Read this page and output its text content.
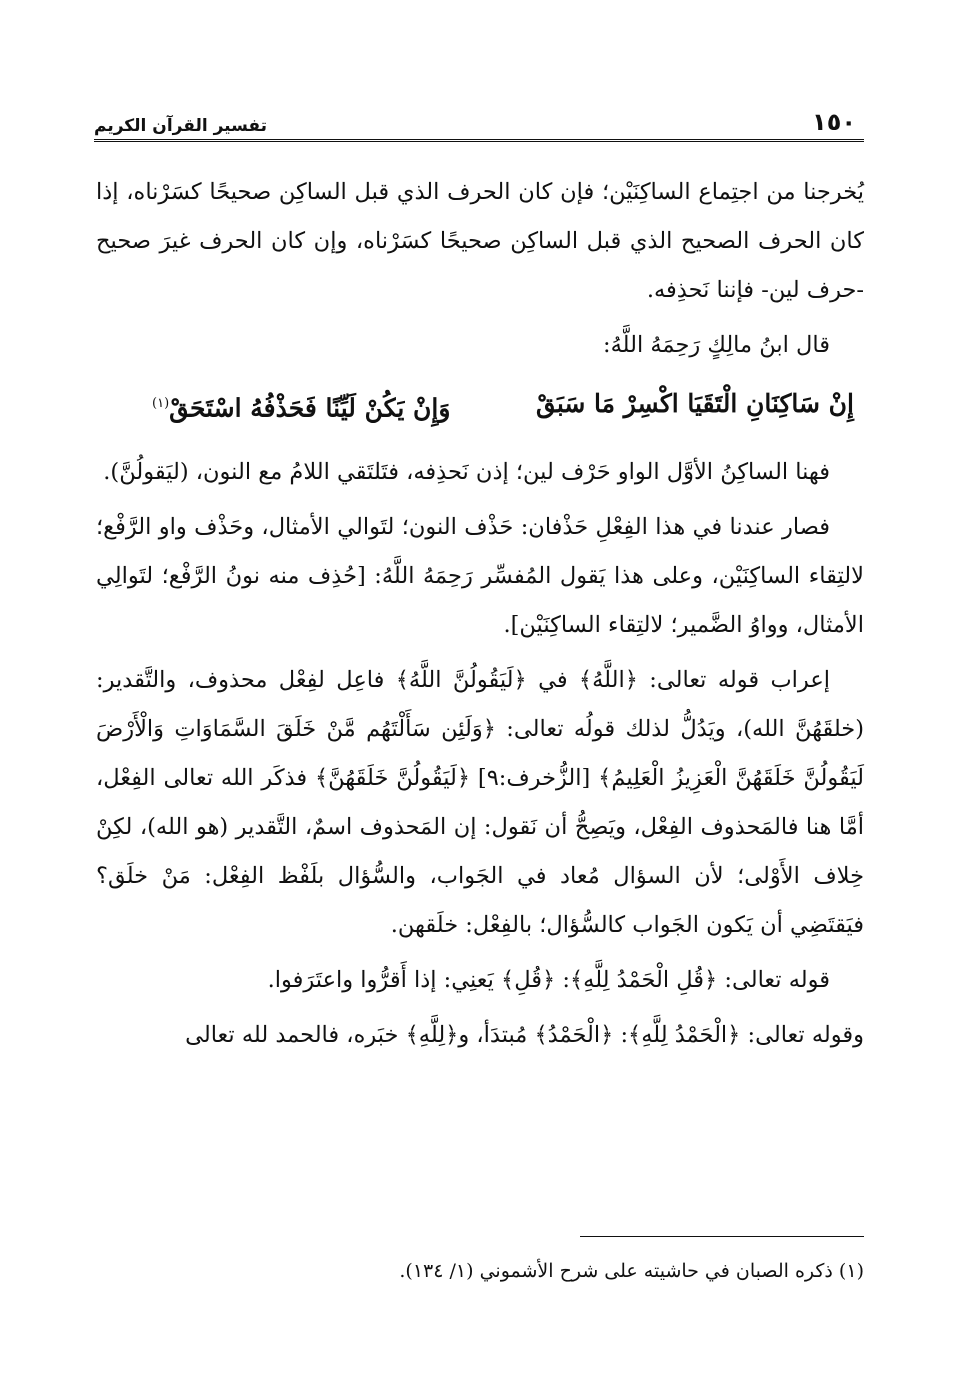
١٥٠
تفسير القرآن الكريم

يُخرجنا من اجتِماع الساكِنَيْن؛ فإن كان الحرف الذي قبل الساكِن صحيحًا كسَرْناه، إذا كان الحرف الصحيح الذي قبل الساكِن صحيحًا كسَرْناه، وإن كان الحرف غيرَ صحيح -حرف لين- فإننا نَحذِفه.

قال ابنُ مالِكٍ رَحِمَهُ اللَّهُ:

إِنْ سَاكِنَانِ الْتَقَيَا اكْسِرْ مَا سَبَقْ
وَإِنْ يَكُنْ لَيِّنًا فَحَذْفُهُ اسْتَحَقْ$^{(١)}$

فهنا الساكِنُ الأوَّل الواو حَرْف لين؛ إذن نَحذِفه، فتَلتَقي اللامُ مع النون، (ليَقولُنَّ).

فصار عندنا في هذا الفِعْلِ حَذْفان: حَذْف النون؛ لتَوالي الأمثال، وحَذْف واو الرَّفْع؛ لالتِقاء الساكِنَيْن، وعلى هذا يَقول المُفسِّر رَحِمَهُ اللَّهُ: [حُذِف منه نونُ الرَّفْع؛ لتَوالِي الأمثال، وواوُ الضَّمير؛ لالتِقاء الساكِنَيْن].

إعراب قوله تعالى: ﴿اللَّهُ﴾ في ﴿لَيَقُولُنَّ اللَّهُ﴾ فاعِل لفِعْل محذوف، والتَّقدير: (خلقَهُنَّ الله)، ويَدُلُّ لذلك قولُه تعالى: ﴿وَلَئِن سَأَلْتَهُم مَّنْ خَلَقَ السَّمَاوَاتِ وَالْأَرْضَ لَيَقُولُنَّ خَلَقَهُنَّ الْعَزِيزُ الْعَلِيمُ﴾ [الزُّخرف:٩] ﴿لَيَقُولُنَّ خَلَقَهُنَّ﴾ فذكَر الله تعالى الفِعْل، أمَّا هنا فالمَحذوف الفِعْل، ويَصِحُّ أن نَقول: إن المَحذوف اسمٌ، التَّقدير (هو الله)، لكِنْ خِلاف الأَوْلى؛ لأن السؤال مُعاد في الجَواب، والسُّؤال بلَفْظ الفِعْل: مَنْ خلَق؟ فيَقتَضِي أن يَكون الجَواب كالسُّؤال؛ بالفِعْل: خلَقهن.

قوله تعالى: ﴿قُلِ الْحَمْدُ لِلَّهِ﴾: ﴿قُلِ﴾ يَعنِي: إذا أَقرُّوا واعتَرَفوا.

وقوله تعالى: ﴿الْحَمْدُ لِلَّهِ﴾: ﴿الْحَمْدُ﴾ مُبتدَأ، و﴿لِلَّهِ﴾ خبَره، فالحمد لله تعالى

(١) ذكره الصبان في حاشيته على شرح الأشموني (١/ ١٣٤).
